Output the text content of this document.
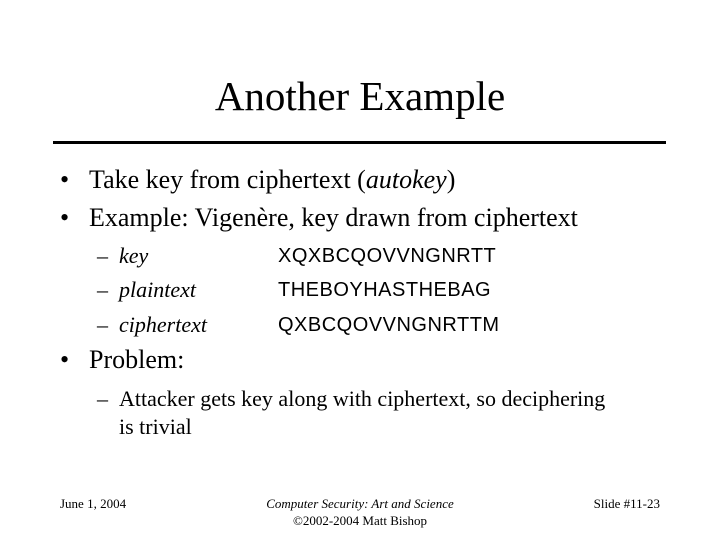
Another Example
• Take key from ciphertext (autokey)
• Example: Vigenère, key drawn from ciphertext
– key	XQXBCQOVVNGNRTT
– plaintext	THEBOYHASTHEBAG
– ciphertext	QXBCQOVVNGNRTTM
• Problem:
– Attacker gets key along with ciphertext, so deciphering
is trivial
June 1, 2004	Computer Security: Art and Science
©2002-2004 Matt Bishop
Slide #11-23
